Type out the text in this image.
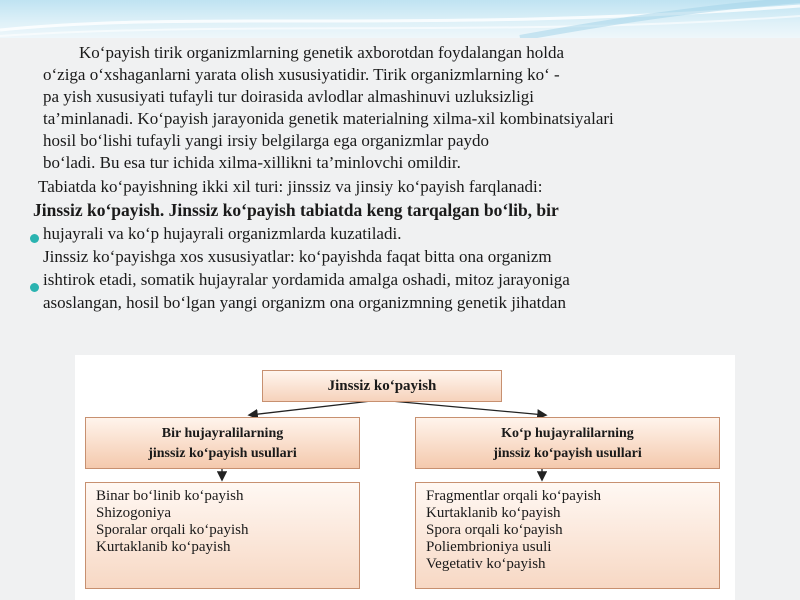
Ko‘payish tirik organizmlarning genetik axborotdan foydalangan holda
o‘ziga o‘xshaganlarni yarata olish xususiyatidir. Tirik organizmlarning ko‘ -
pa yish xususiyati tufayli tur doirasida avlodlar almashinuvi uzluksizligi
ta’minlanadi. Ko‘payish jarayonida genetik materialning xilma-xil kombinatsiyalari
hosil bo‘lishi tufayli yangi irsiy belgilarga ega organizmlar paydo
bo‘ladi. Bu esa tur ichida xilma-xillikni ta’minlovchi omildir.
Tabiatda ko‘payishning ikki xil turi: jinssiz va jinsiy ko‘payish farqlanadi:
Jinssiz ko‘payish. Jinssiz ko‘payish tabiatda keng tarqalgan bo‘lib, bir
hujayrali va ko‘p hujayrali organizmlarda kuzatiladi.
Jinssiz ko‘payishga xos xususiyatlar: ko‘payishda faqat bitta ona organizm
ishtirok etadi, somatik hujayralar yordamida amalga oshadi, mitoz jarayoniga
asoslangan, hosil bo‘lgan yangi organizm ona organizmning genetik jihatdan
Jinssiz ko‘payish
Bir hujayralilarning
jinssiz ko‘payish usullari
Ko‘p hujayralilarning
jinssiz ko‘payish usullari
Binar bo‘linib ko‘payish
Shizogoniya
Sporalar orqali ko‘payish
Kurtaklanib ko‘payish
Fragmentlar orqali ko‘payish
Kurtaklanib ko‘payish
Spora orqali ko‘payish
Poliembrioniya usuli
Vegetativ ko‘payish
